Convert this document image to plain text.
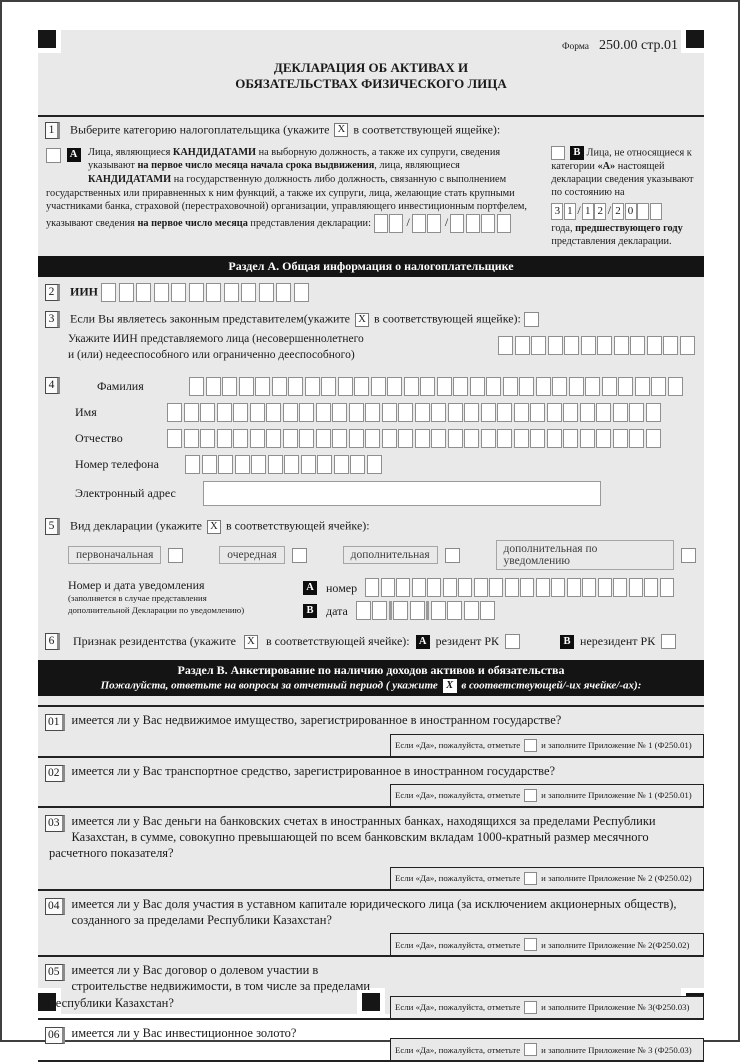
Форма 250.00 стр.01
ДЕКЛАРАЦИЯ ОБ АКТИВАХ И
ОБЯЗАТЕЛЬСТВАХ ФИЗИЧЕСКОГО ЛИЦА
1 Выберите категорию налогоплательщика (укажите X в соответствующей ящейке):
А	Лица, являющиеся КАНДИДАТАМИ на выборную должность, а также их супруги, сведения указывают на первое число месяца начала срока выдвижения, лица, являющиеся КАНДИДАТАМИ на государственную должность либо должность, связанную с выполнением государственных или приравненных к ним функций, а также их супруги, лица, желающие стать крупными участниками банка, страховой (перестраховочной) организации, управляющего инвестиционным портфелем, указывают сведения на первое число месяца представления декларации:	/	/
В Лица, не относящиеся к категории «А» настоящей декларации сведения указывают по состоянию на
3 1 / 1 2 / 2 0
года, предшествующего году представления декларации.
Раздел А. Общая информация о налогоплательщике
2 ИИН
3 Если Вы являетесь законным представителем(укажите X в соответствующей ящейке):
Укажите ИИН представляемого лица (несовершеннолетнего
и (или) недееспособного или ограниченно дееспособного)
4	Фамилия
Имя
Отчество
Номер телефона
Электронный адрес
5 Вид декларации (укажите X в соответствующей ячейке):
первоначальная	очередная	дополнительная	дополнительная по уведомлению
Номер и дата уведомления
(заполняется в случае представления
дополнительной Декларации по уведомлению)
А номер
В дата
6	Признак резидентства (укажите	X в соответствующей ячейке): А резидент РК	В нерезидент РК
Раздел В. Анкетирование по наличию доходов активов и обязательства
Пожалуйста, ответьте на вопросы за отчетный период ( укажите X в соответствующей/-их ячейке/-ах):
01 имеется ли у Вас недвижимое имущество, зарегистрированное в иностранном государстве?

Если «Да», пожалуйста, отметьте и заполните Приложение № 1 (Ф250.01)
02 имеется ли у Вас транспортное средство, зарегистрированное в иностранном государстве?

Если «Да», пожалуйста, отметьте и заполните Приложение № 1 (Ф250.01)
03 имеется ли у Вас деньги на банковских счетах в иностранных банках, находящихся за пределами Республики Казахстан, в сумме, совокупно превышающей по всем банковским вкладам 1000-кратный размер месячного расчетного показателя?

Если «Да», пожалуйста, отметьте и заполните Приложение № 2 (Ф250.02)
04 имеется ли у Вас доля участия в уставном капитале юридического лица (за исключением акционерных обществ), созданного за пределами Республики Казахстан?

Если «Да», пожалуйста, отметьте и заполните Приложение № 2(Ф250.02)
05 имеется ли у Вас договор о долевом участии в строительстве недвижимости, в том числе за пределами Республики Казахстан?	Если «Да», пожалуйста, отметьте и заполните Приложение № 3(Ф250.03)
06 имеется ли у Вас инвестиционное золото?

Если «Да», пожалуйста, отметьте и заполните Приложение № 3 (Ф250.03)
